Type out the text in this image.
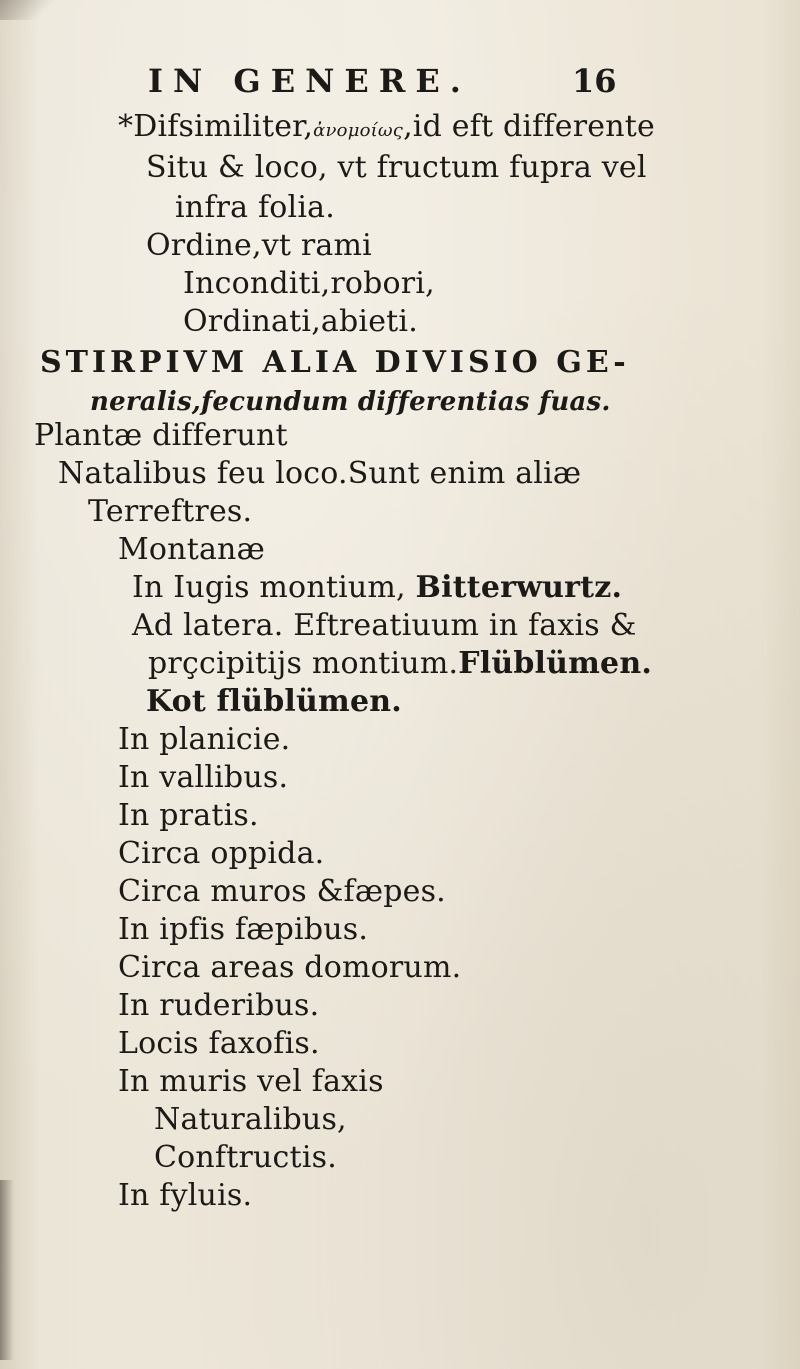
IN GENERE.	16
*Difsimiliter,ἀνομοίως,id eft differente
Situ & loco, vt fructum fupra vel
infra folia.
Ordine,vt rami
Inconditi,robori,
Ordinati,abieti.
STIRPIVM ALIA DIVISIO GE-
neralis,fecundum differentias fuas.
Plantæ differunt
Natalibus feu loco.Sunt enim aliæ
Terreftres.
Montanæ
In Iugis montium, Bitterwurtz.
Ad latera. Eftreatiuum in faxis &
prçcipitijs montium.Flüblümen.
Kot flüblümen.
In planicie.
In vallibus.
In pratis.
Circa oppida.
Circa muros &fæpes.
In ipfis fæpibus.
Circa areas domorum.
In ruderibus.
Locis faxofis.
In muris vel faxis
Naturalibus,
Conftructis.
In fyluis.
